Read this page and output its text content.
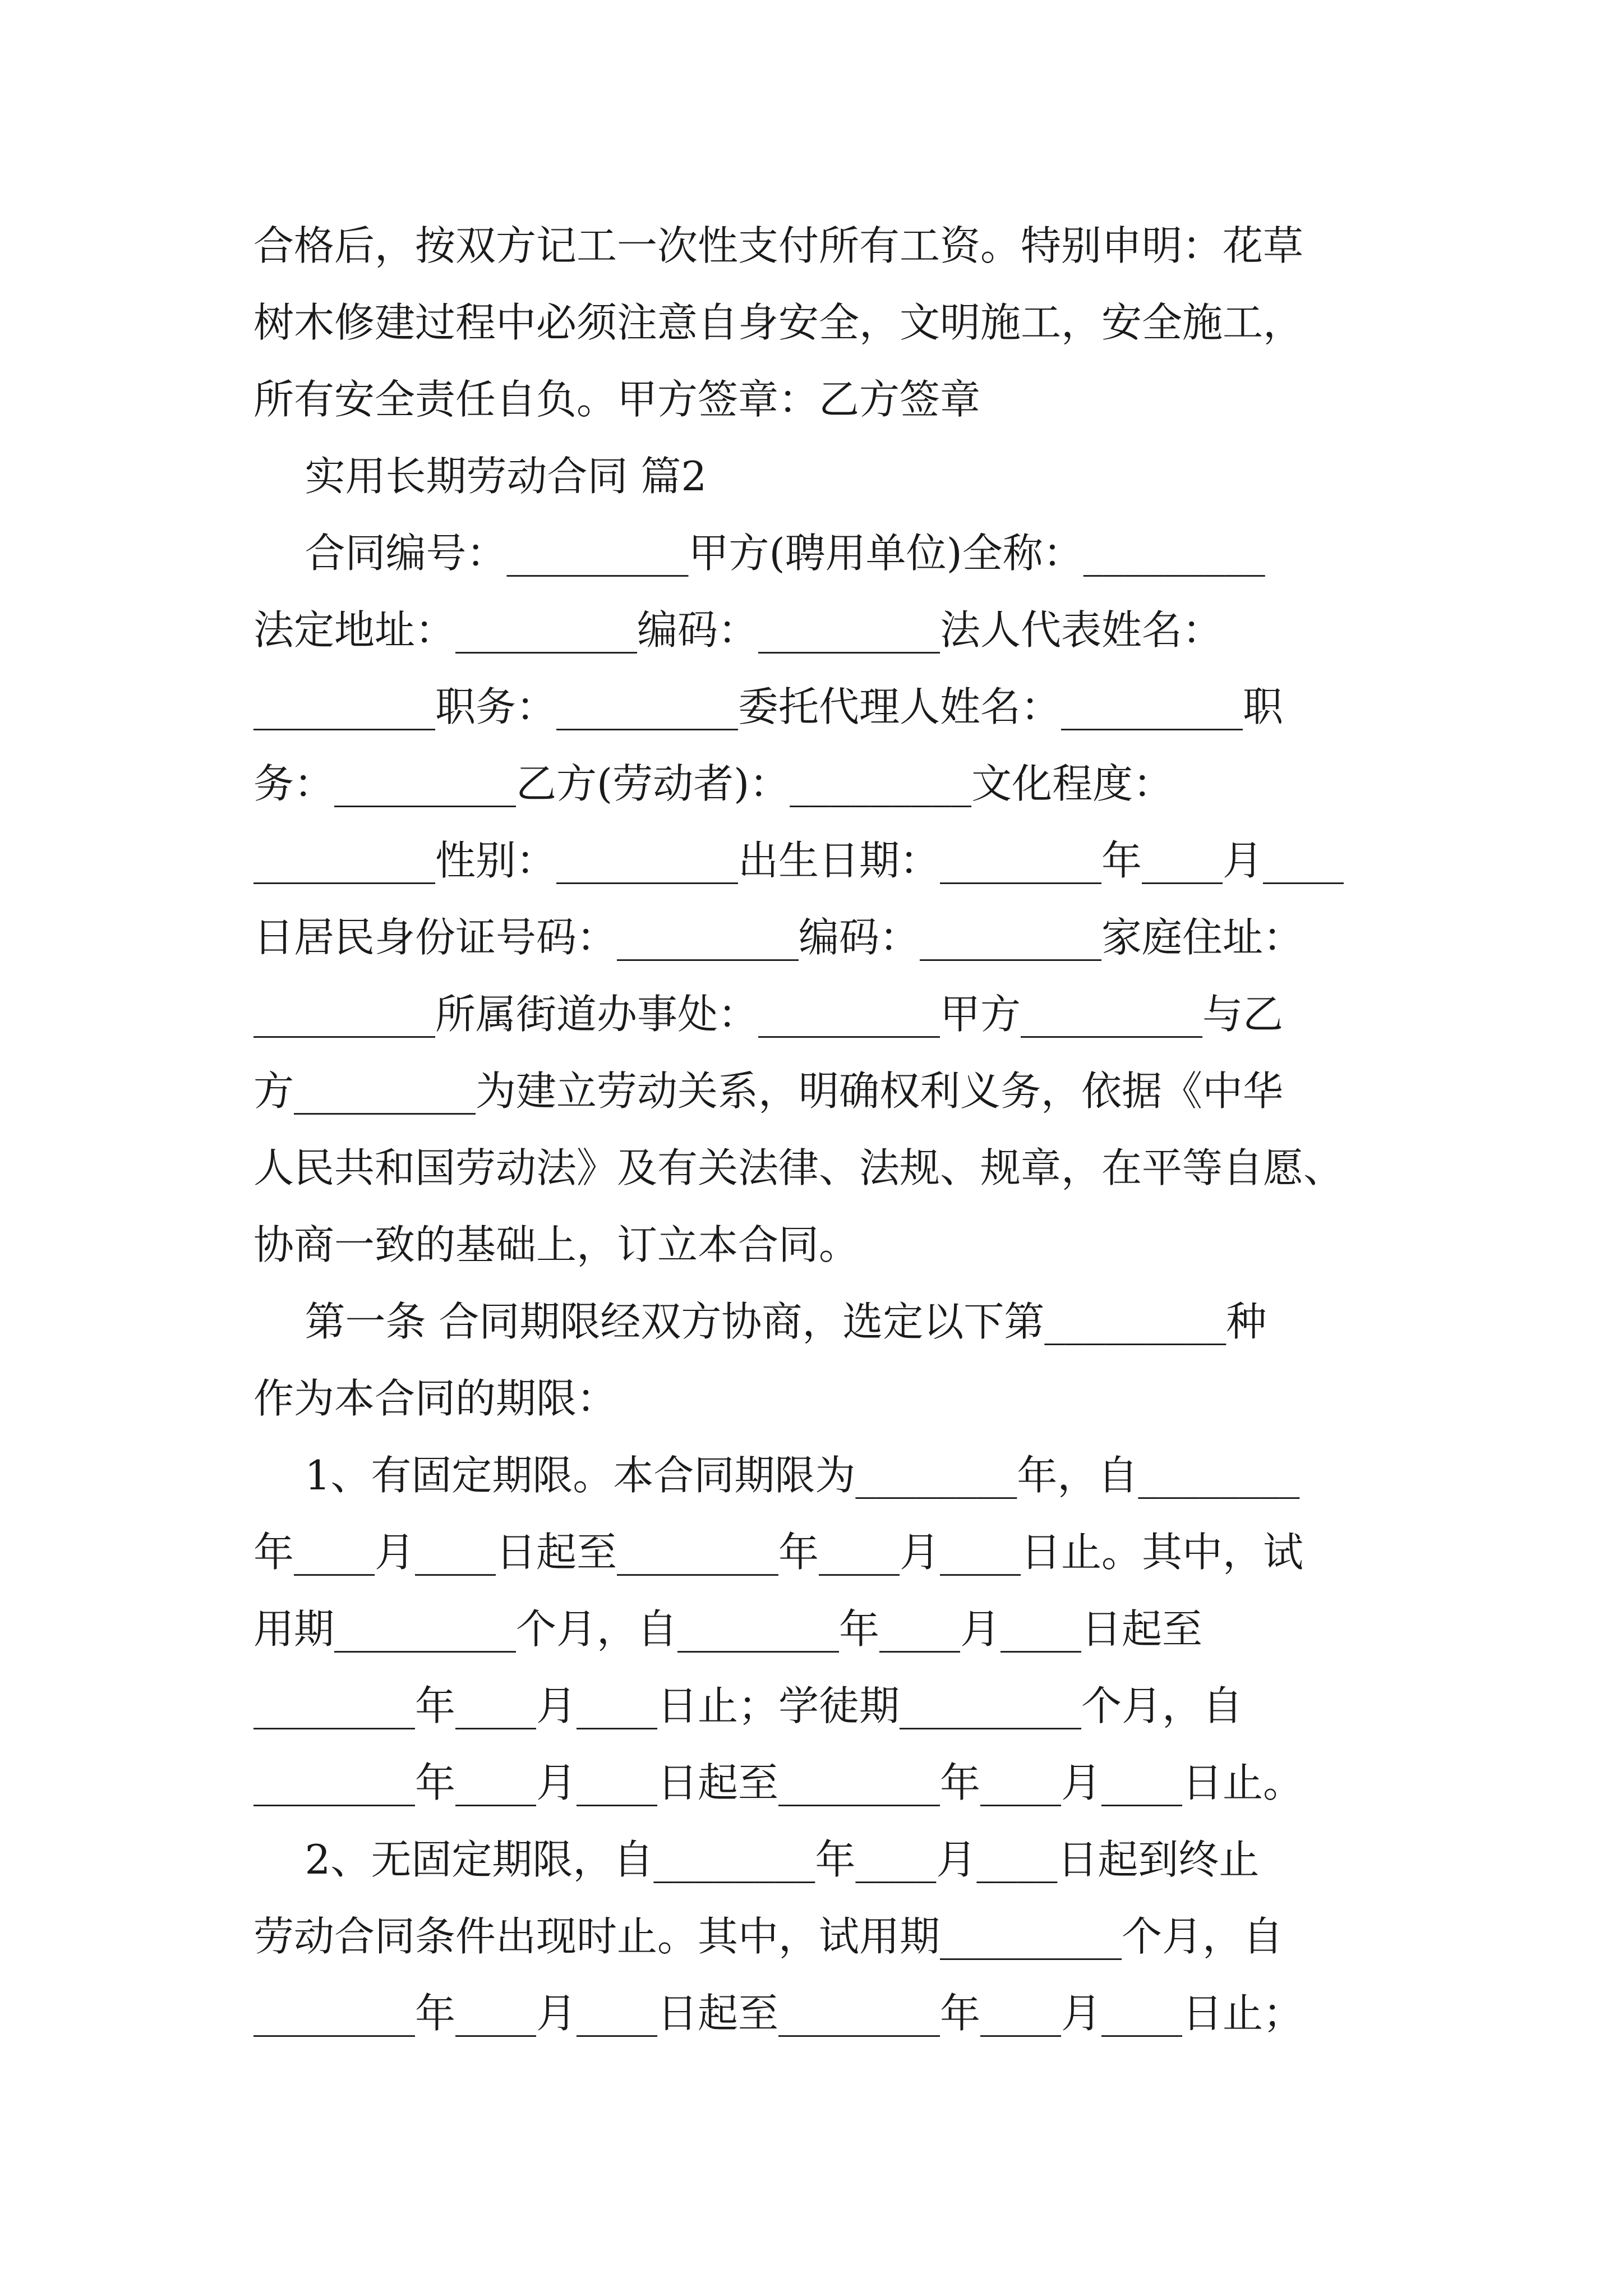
合格后，按双方记工一次性支付所有工资。特别申明：花草
树木修建过程中必须注意自身安全，文明施工，安全施工，
所有安全责任自负。甲方签章：乙方签章
实用长期劳动合同 篇2
合同编号：_________甲方(聘用单位)全称：_________
法定地址：_________编码：_________法人代表姓名：
_________职务：_________委托代理人姓名：_________职
务：_________乙方(劳动者)：_________文化程度：
_________性别：_________出生日期：________年____月____
日居民身份证号码：_________编码：_________家庭住址：
_________所属街道办事处：_________甲方_________与乙
方_________为建立劳动关系，明确权利义务，依据《中华
人民共和国劳动法》及有关法律、法规、规章，在平等自愿、
协商一致的基础上，订立本合同。
第一条 合同期限经双方协商，选定以下第_________种
作为本合同的期限：
1、有固定期限。本合同期限为________年，自________
年____月____日起至________年____月____日止。其中，试
用期_________个月，自________年____月____日起至
________年____月____日止；学徒期_________个月，自
________年____月____日起至________年____月____日止。
2、无固定期限，自________年____月____日起到终止
劳动合同条件出现时止。其中，试用期_________个月，自
________年____月____日起至________年____月____日止；
